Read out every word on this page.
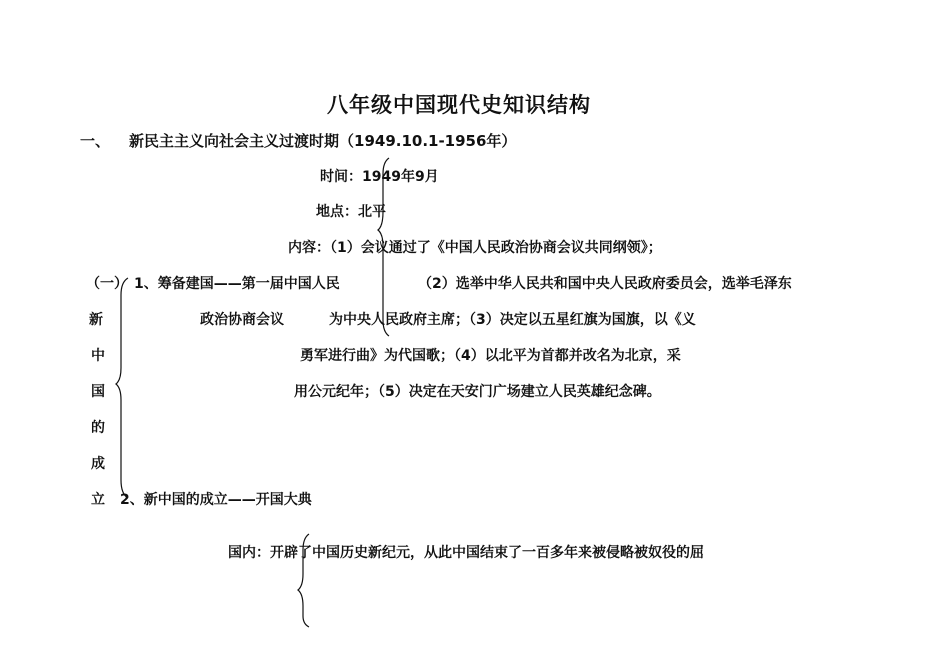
八年级中国现代史知识结构
一、 新民主主义向社会主义过渡时期（1949.10.1-1956年）
时间：1949年9月
地点：北平
内容：（1）会议通过了《中国人民政治协商会议共同纲领》；
（一） 1、筹备建国——第一届中国人民	（2）选举中华人民共和国中央人民政府委员会，选举毛泽东
新	政治协商会议	为中央人民政府主席；（3）决定以五星红旗为国旗，以《义
中	勇军进行曲》为代国歌；（4）以北平为首都并改名为北京，采
国	用公元纪年；（5）决定在天安门广场建立人民英雄纪念碑。
的
成
立 2、新中国的成立——开国大典
国内：开辟了中国历史新纪元，从此中国结束了一百多年来被侵略被奴役的屈
